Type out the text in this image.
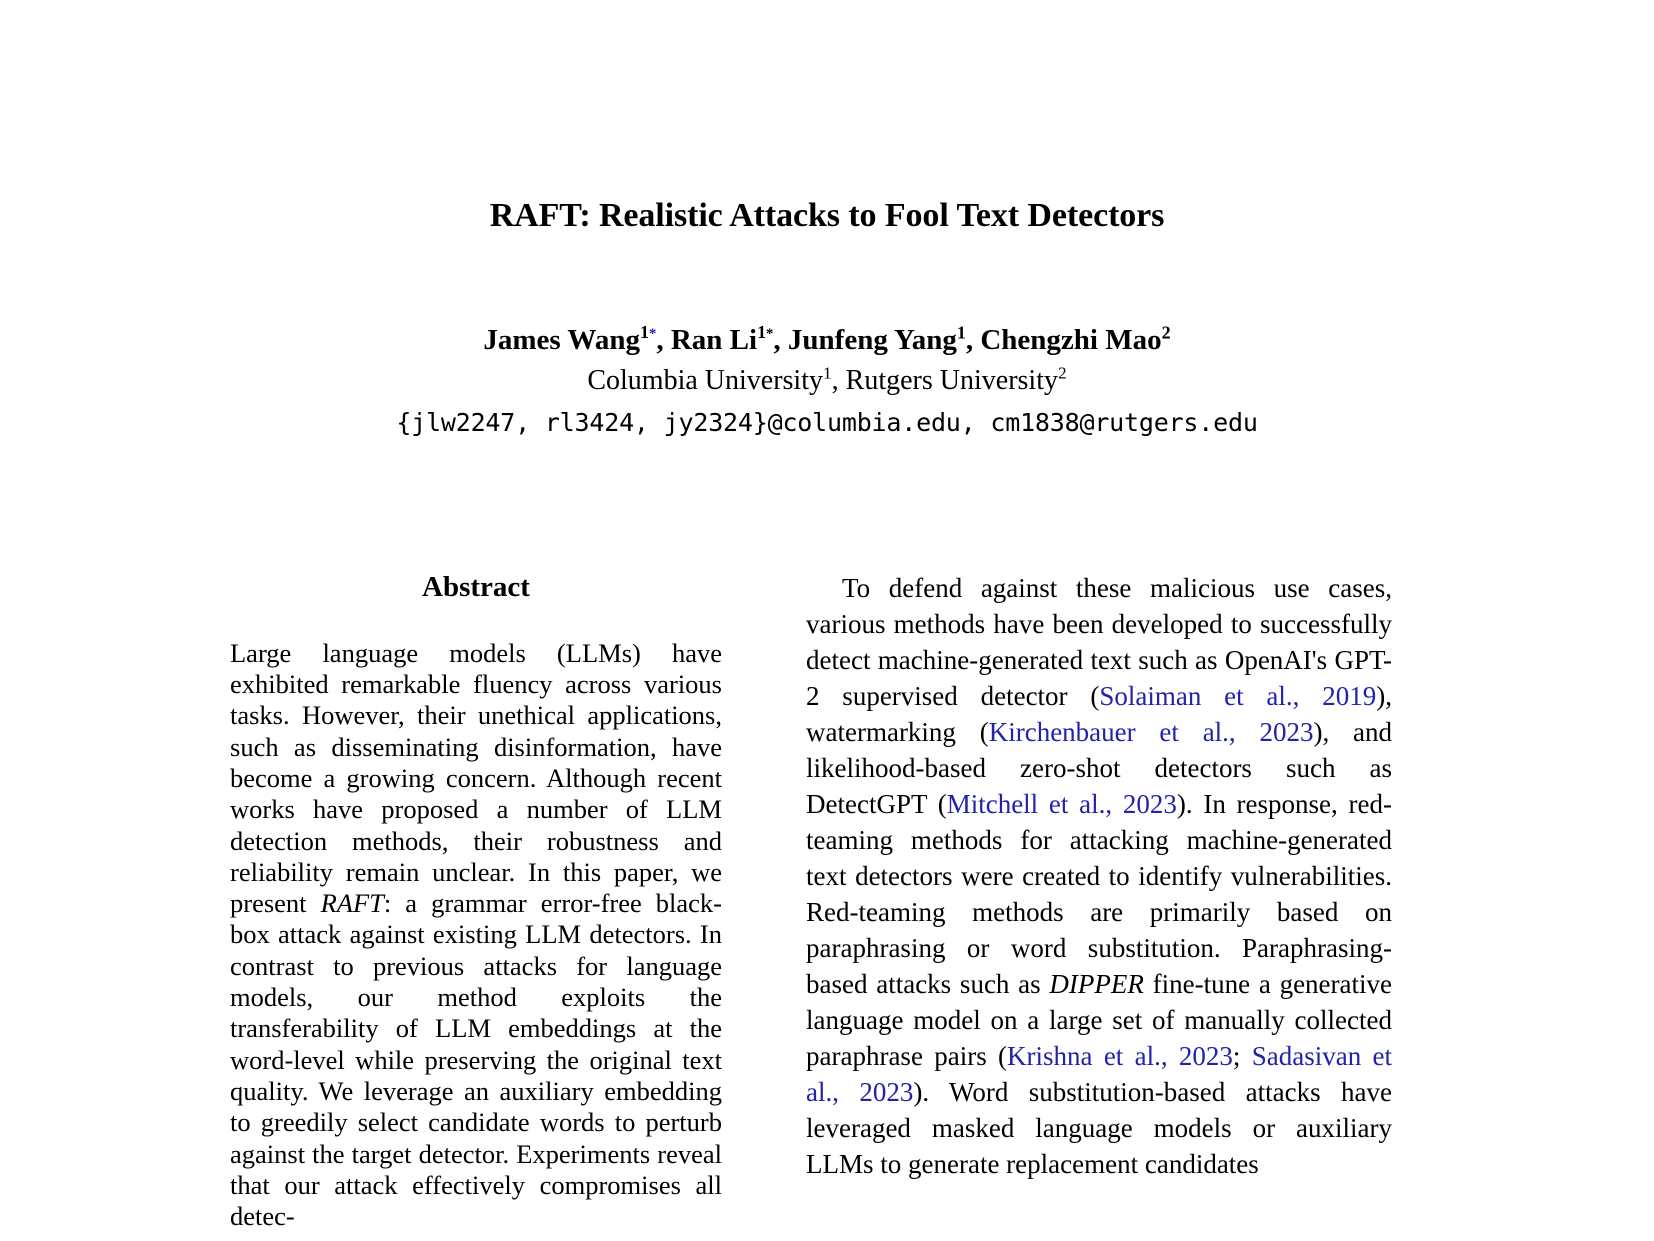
RAFT: Realistic Attacks to Fool Text Detectors
James Wang$^{1*}$, Ran $Li^{1*}$, Junfeng Yang$^1$, Chengzhi Mao$^2$
Columbia University$^1$, Rutgers University$^2$
{jlw2247, rl3424, jy2324}@columbia.edu, cm1838@rutgers.edu
Abstract

Large language models (LLMs) have exhibited remarkable fluency across various tasks. However, their unethical applications, such as disseminating disinformation, have become a growing concern. Although recent works have proposed a number of LLM detection methods, their robustness and reliability remain unclear. In this paper, we present RAFT: a grammar error-free black-box attack against existing LLM detectors. In contrast to previous attacks for language models, our method exploits the transferability of LLM embeddings at the word-level while preserving the original text quality. We leverage an auxiliary embedding to greedily select candidate words to perturb against the target detector. Experiments reveal that our attack effectively compromises all detec-

To defend against these malicious use cases, various methods have been developed to successfully detect machine-generated text such as OpenAI's GPT-2 supervised detector (Solaiman et al., 2019), watermarking (Kirchenbauer et al., 2023), and likelihood-based zero-shot detectors such as DetectGPT (Mitchell et al., 2023). In response, red-teaming methods for attacking machine-generated text detectors were created to identify vulnerabilities. Red-teaming methods are primarily based on paraphrasing or word substitution. Paraphrasing-based attacks such as DIPPER fine-tune a generative language model on a large set of manually collected paraphrase pairs (Krishna et al., 2023; Sadasivan et al., 2023). Word substitution-based attacks have leveraged masked language models or auxiliary LLMs to generate replacement candidates
